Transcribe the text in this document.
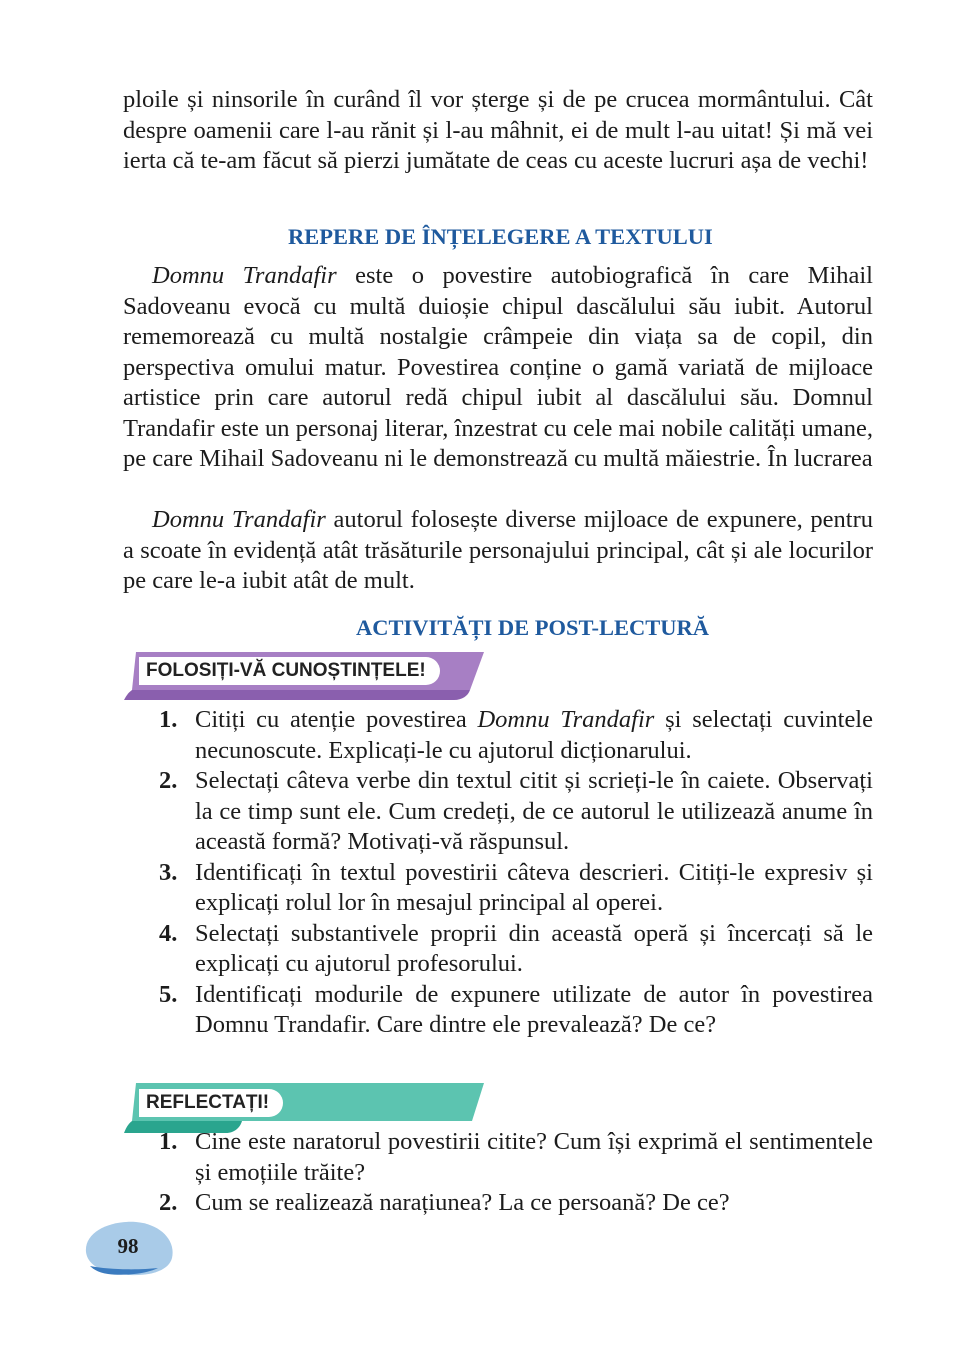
ploile și ninsorile în curând îl vor șterge și de pe crucea mormântului. Cât despre oamenii care l-au rănit și l-au mâhnit, ei de mult l-au uitat! Și mă vei ierta că te-am făcut să pierzi jumătate de ceas cu aceste lucruri așa de vechi!

REPERE DE ÎNȚELEGERE A TEXTULUI

Domnu Trandafir este o povestire autobiografică în care Mihail Sadoveanu evocă cu multă duioșie chipul dascălului său iubit. Autorul rememorează cu multă nostalgie crâmpeie din viața sa de copil, din perspectiva omului matur. Povestirea conține o gamă variată de mijloace artistice prin care autorul redă chipul iubit al dascălului său. Domnul Trandafir este un personaj literar, înzestrat cu cele mai nobile calități umane, pe care Mihail Sadoveanu ni le demonstrează cu multă măiestrie. În lucrarea

Domnu Trandafir autorul folosește diverse mijloace de expunere, pentru a scoate în evidență atât trăsăturile personajului principal, cât și ale locurilor pe care le-a iubit atât de mult.

ACTIVITĂȚI DE POST-LECTURĂ
FOLOSIȚI-VĂ CUNOȘTINȚELE!
1. Citiți cu atenție povestirea Domnu Trandafir și selectați cuvintele necunoscute. Explicați-le cu ajutorul dicționarului.
2. Selectați câteva verbe din textul citit și scrieți-le în caiete. Observați la ce timp sunt ele. Cum credeți, de ce autorul le utilizează anume în această formă? Motivați-vă răspunsul.
3. Identificați în textul povestirii câteva descrieri. Citiți-le expresiv și explicați rolul lor în mesajul principal al operei.
4. Selectați substantivele proprii din această operă și încercați să le explicați cu ajutorul profesorului.
5. Identificați modurile de expunere utilizate de autor în povestirea Domnu Trandafir. Care dintre ele prevalează? De ce?
REFLECTAȚI!
1. Cine este naratorul povestirii citite? Cum își exprimă el sentimentele și emoțiile trăite?
2. Cum se realizează narațiunea? La ce persoană? De ce?
98
